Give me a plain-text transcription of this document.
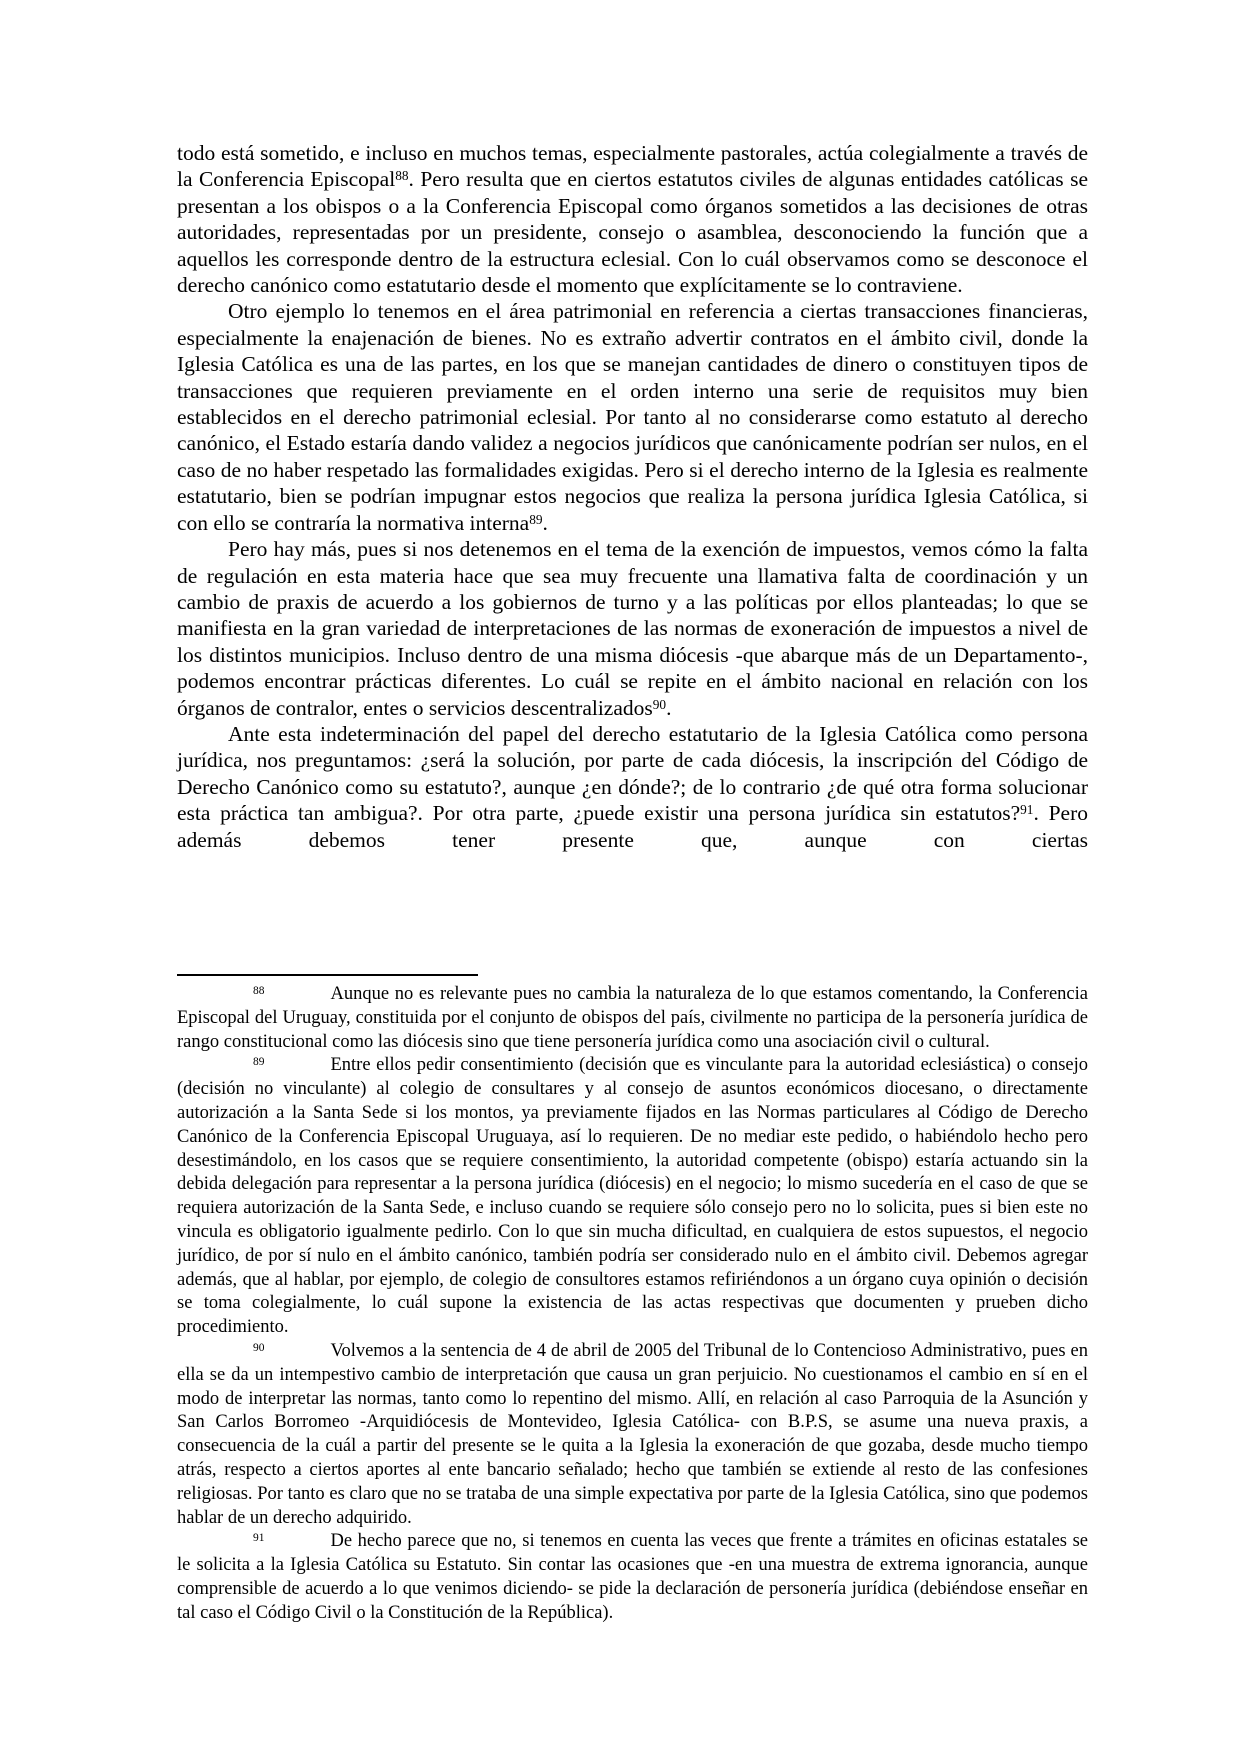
todo está sometido, e incluso en muchos temas, especialmente pastorales, actúa colegialmente a través de la Conferencia Episcopal$^{88}$. Pero resulta que en ciertos estatutos civiles de algunas entidades católicas se presentan a los obispos o a la Conferencia Episcopal como órganos sometidos a las decisiones de otras autoridades, representadas por un presidente, consejo o asamblea, desconociendo la función que a aquellos les corresponde dentro de la estructura eclesial. Con lo cuál observamos como se desconoce el derecho canónico como estatutario desde el momento que explícitamente se lo contraviene.

Otro ejemplo lo tenemos en el área patrimonial en referencia a ciertas transacciones financieras, especialmente la enajenación de bienes. No es extraño advertir contratos en el ámbito civil, donde la Iglesia Católica es una de las partes, en los que se manejan cantidades de dinero o constituyen tipos de transacciones que requieren previamente en el orden interno una serie de requisitos muy bien establecidos en el derecho patrimonial eclesial. Por tanto al no considerarse como estatuto al derecho canónico, el Estado estaría dando validez a negocios jurídicos que canónicamente podrían ser nulos, en el caso de no haber respetado las formalidades exigidas. Pero si el derecho interno de la Iglesia es realmente estatutario, bien se podrían impugnar estos negocios que realiza la persona jurídica Iglesia Católica, si con ello se contraría la normativa interna$^{89}$.

Pero hay más, pues si nos detenemos en el tema de la exención de impuestos, vemos cómo la falta de regulación en esta materia hace que sea muy frecuente una llamativa falta de coordinación y un cambio de praxis de acuerdo a los gobiernos de turno y a las políticas por ellos planteadas; lo que se manifiesta en la gran variedad de interpretaciones de las normas de exoneración de impuestos a nivel de los distintos municipios. Incluso dentro de una misma diócesis -que abarque más de un Departamento-, podemos encontrar prácticas diferentes. Lo cuál se repite en el ámbito nacional en relación con los órganos de contralor, entes o servicios descentralizados$^{90}$.

Ante esta indeterminación del papel del derecho estatutario de la Iglesia Católica como persona jurídica, nos preguntamos: ¿será la solución, por parte de cada diócesis, la inscripción del Código de Derecho Canónico como su estatuto?, aunque ¿en dónde?; de lo contrario ¿de qué otra forma solucionar esta práctica tan ambigua?. Por otra parte, ¿puede existir una persona jurídica sin estatutos?$^{91}$. Pero además debemos tener presente que, aunque con ciertas

$^{88}$	Aunque no es relevante pues no cambia la naturaleza de lo que estamos comentando, la Conferencia Episcopal del Uruguay, constituida por el conjunto de obispos del país, civilmente no participa de la personería jurídica de rango constitucional como las diócesis sino que tiene personería jurídica como una asociación civil o cultural.

$^{89}$	Entre ellos pedir consentimiento (decisión que es vinculante para la autoridad eclesiástica) o consejo (decisión no vinculante) al colegio de consultares y al consejo de asuntos económicos diocesano, o directamente autorización a la Santa Sede si los montos, ya previamente fijados en las Normas particulares al Código de Derecho Canónico de la Conferencia Episcopal Uruguaya, así lo requieren. De no mediar este pedido, o habiéndolo hecho pero desestimándolo, en los casos que se requiere consentimiento, la autoridad competente (obispo) estaría actuando sin la debida delegación para representar a la persona jurídica (diócesis) en el negocio; lo mismo sucedería en el caso de que se requiera autorización de la Santa Sede, e incluso cuando se requiere sólo consejo pero no lo solicita, pues si bien este no vincula es obligatorio igualmente pedirlo. Con lo que sin mucha dificultad, en cualquiera de estos supuestos, el negocio jurídico, de por sí nulo en el ámbito canónico, también podría ser considerado nulo en el ámbito civil. Debemos agregar además, que al hablar, por ejemplo, de colegio de consultores estamos refiriéndonos a un órgano cuya opinión o decisión se toma colegialmente, lo cuál supone la existencia de las actas respectivas que documenten y prueben dicho procedimiento.

$^{90}$	Volvemos a la sentencia de 4 de abril de 2005 del Tribunal de lo Contencioso Administrativo, pues en ella se da un intempestivo cambio de interpretación que causa un gran perjuicio. No cuestionamos el cambio en sí en el modo de interpretar las normas, tanto como lo repentino del mismo. Allí, en relación al caso Parroquia de la Asunción y San Carlos Borromeo -Arquidiócesis de Montevideo, Iglesia Católica- con B.P.S, se asume una nueva praxis, a consecuencia de la cuál a partir del presente se le quita a la Iglesia la exoneración de que gozaba, desde mucho tiempo atrás, respecto a ciertos aportes al ente bancario señalado; hecho que también se extiende al resto de las confesiones religiosas. Por tanto es claro que no se trataba de una simple expectativa por parte de la Iglesia Católica, sino que podemos hablar de un derecho adquirido.

$^{91}$	De hecho parece que no, si tenemos en cuenta las veces que frente a trámites en oficinas estatales se le solicita a la Iglesia Católica su Estatuto. Sin contar las ocasiones que -en una muestra de extrema ignorancia, aunque comprensible de acuerdo a lo que venimos diciendo- se pide la declaración de personería jurídica (debiéndose enseñar en tal caso el Código Civil o la Constitución de la República).
